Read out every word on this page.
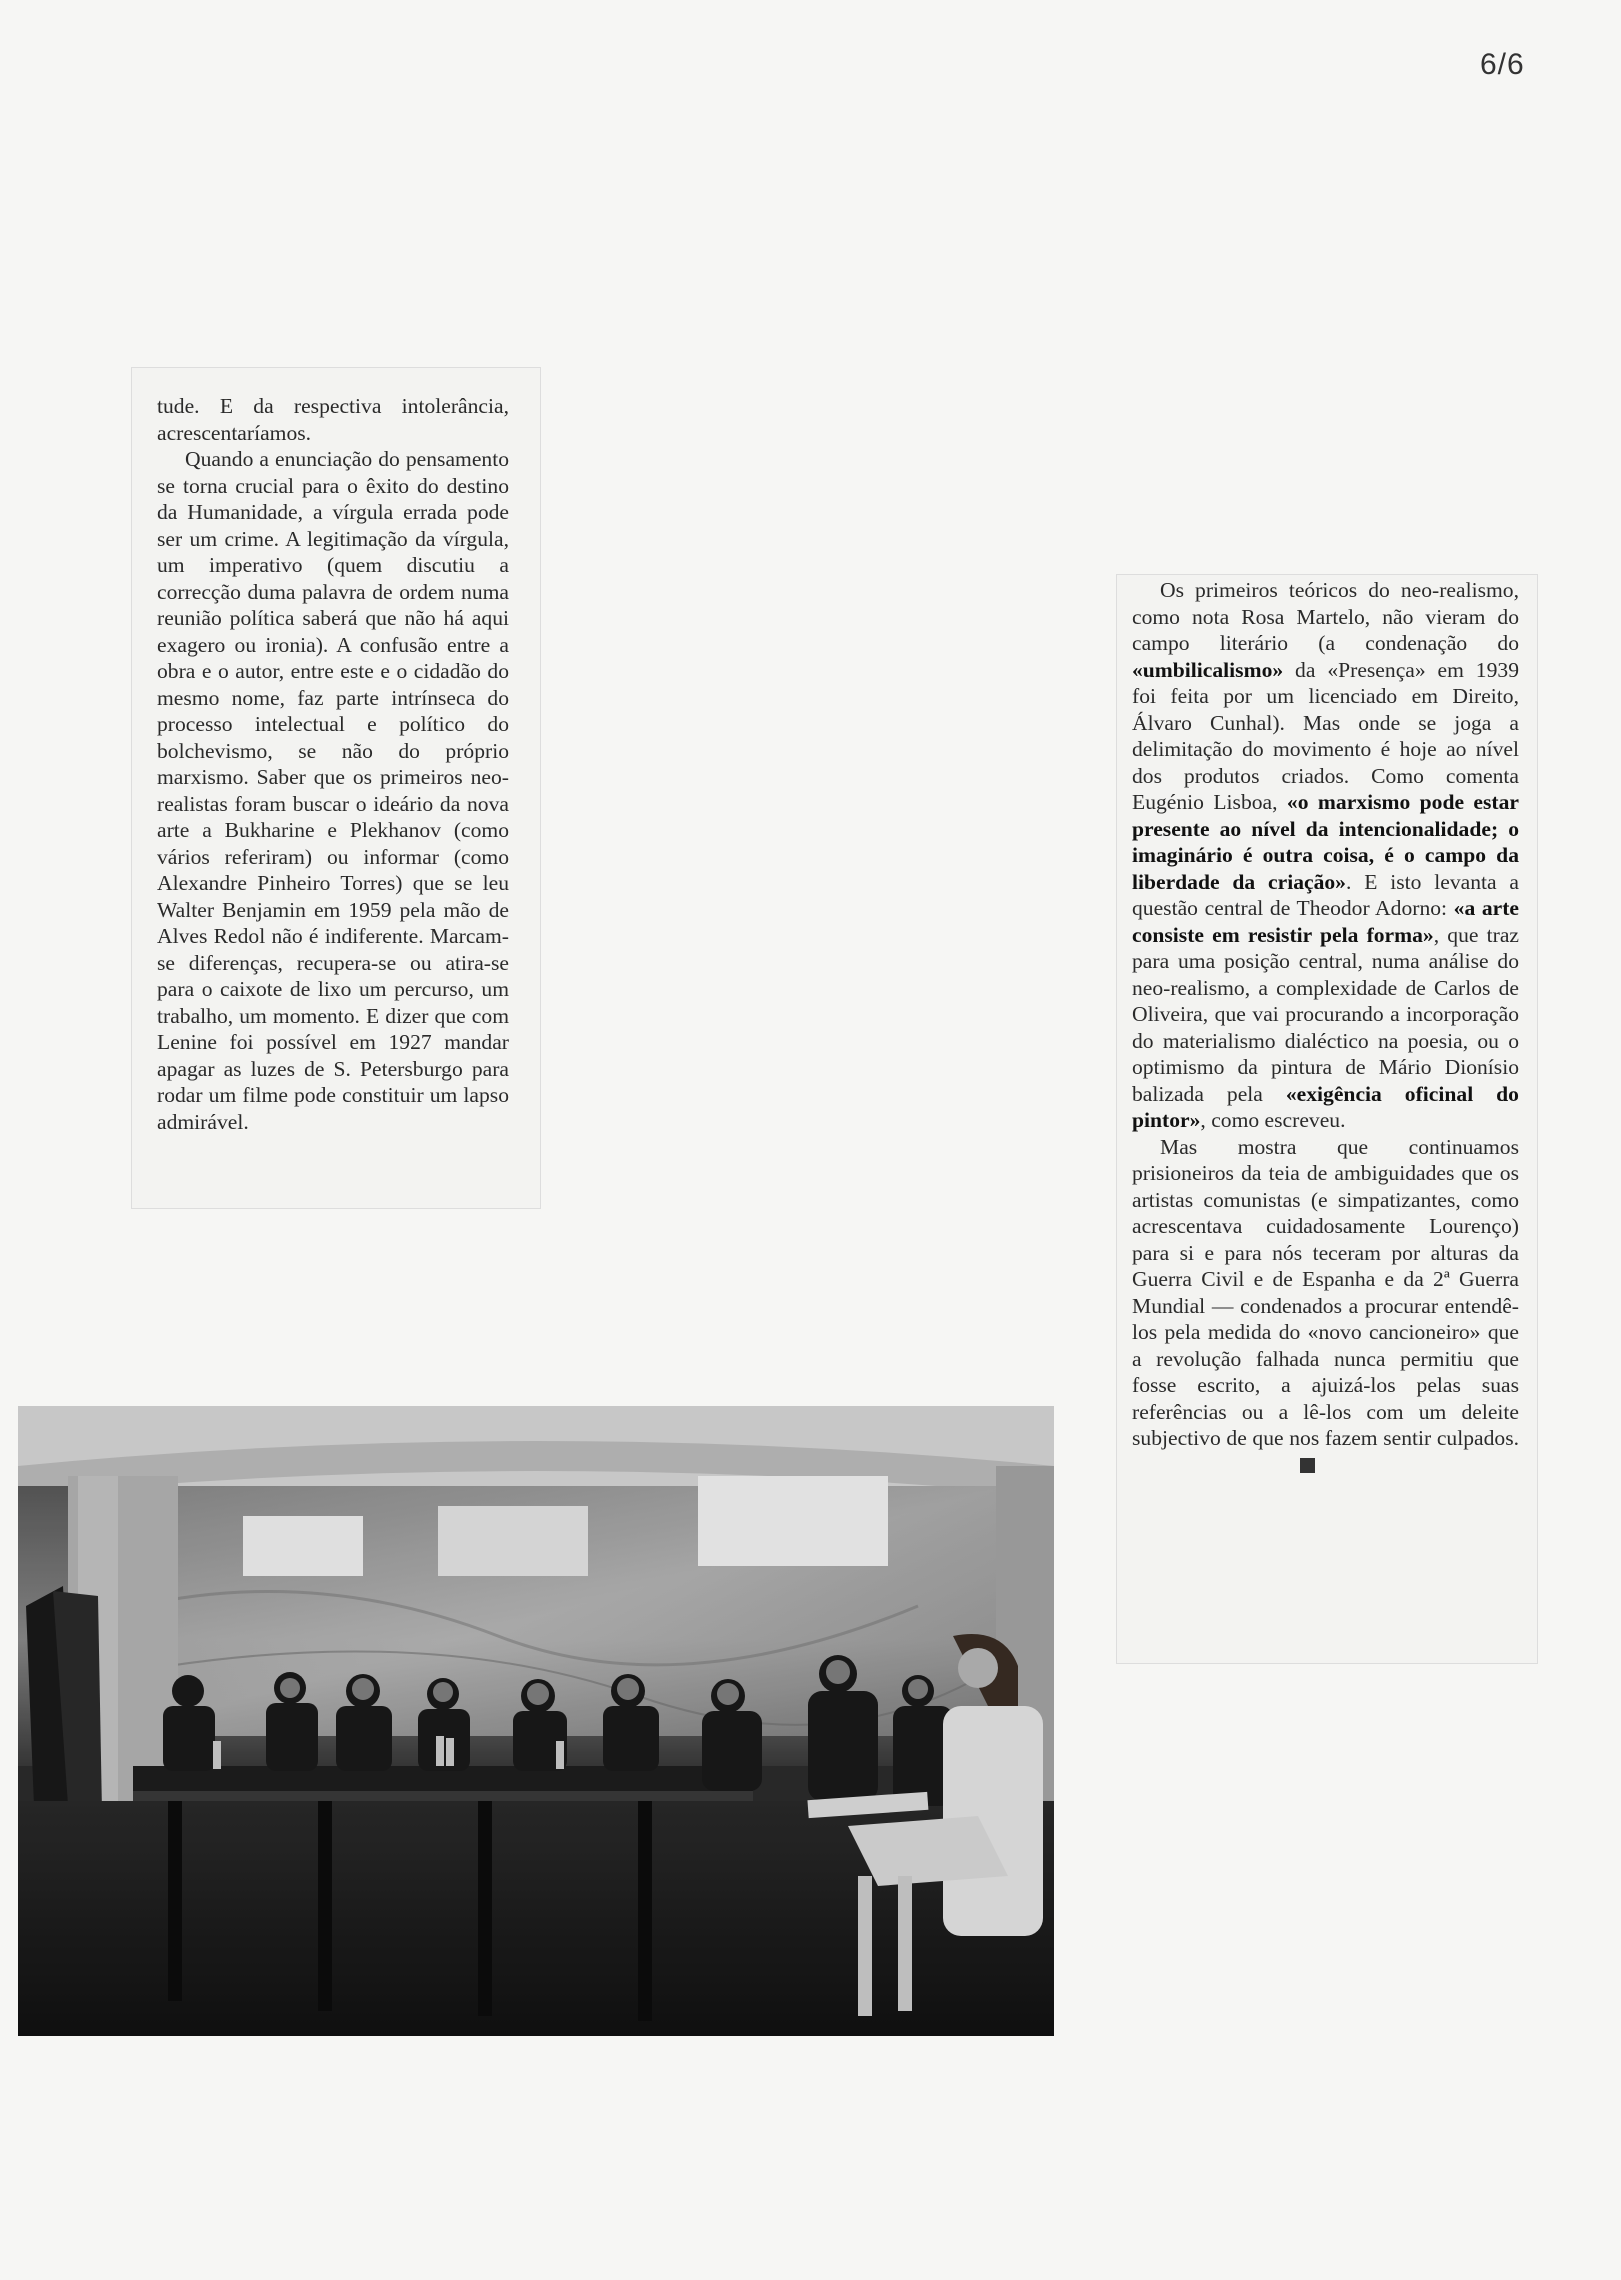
6/6

tude. E da respectiva intolerância, acrescentaríamos.

Quando a enunciação do pensamento se torna crucial para o êxito do destino da Humanidade, a vírgula errada pode ser um crime. A legitimação da vírgula, um imperativo (quem discutiu a correcção duma palavra de ordem numa reunião política saberá que não há aqui exagero ou ironia). A confusão entre a obra e o autor, entre este e o cidadão do mesmo nome, faz parte intrínseca do processo intelectual e político do bolchevismo, se não do próprio marxismo. Saber que os primeiros neo-realistas foram buscar o ideário da nova arte a Bukharine e Plekhanov (como vários referiram) ou informar (como Alexandre Pinheiro Torres) que se leu Walter Benjamin em 1959 pela mão de Alves Redol não é indiferente. Marcam-se diferenças, recupera-se ou atira-se para o caixote de lixo um percurso, um trabalho, um momento. E dizer que com Lenine foi possível em 1927 mandar apagar as luzes de S. Petersburgo para rodar um filme pode constituir um lapso admirável.

Os primeiros teóricos do neo-realismo, como nota Rosa Martelo, não vieram do campo literário (a condenação do «umbilicalismo» da «Presença» em 1939 foi feita por um licenciado em Direito, Álvaro Cunhal). Mas onde se joga a delimitação do movimento é hoje ao nível dos produtos criados. Como comenta Eugénio Lisboa, «o marxismo pode estar presente ao nível da intencionalidade; o imaginário é outra coisa, é o campo da liberdade da criação». E isto levanta a questão central de Theodor Adorno: «a arte consiste em resistir pela forma», que traz para uma posição central, numa análise do neo-realismo, a complexidade de Carlos de Oliveira, que vai procurando a incorporação do materialismo dialéctico na poesia, ou o optimismo da pintura de Mário Dionísio balizada pela «exigência oficinal do pintor», como escreveu.

Mas mostra que continuamos prisioneiros da teia de ambiguidades que os artistas comunistas (e simpatizantes, como acrescentava cuidadosamente Lourenço) para si e para nós teceram por alturas da Guerra Civil e de Espanha e da 2ª Guerra Mundial — condenados a procurar entendê-los pela medida do «novo cancioneiro» que a revolução falhada nunca permitiu que fosse escrito, a ajuizá-los pelas suas referências ou a lê-los com um deleite subjectivo de que nos fazem sentir culpados.
